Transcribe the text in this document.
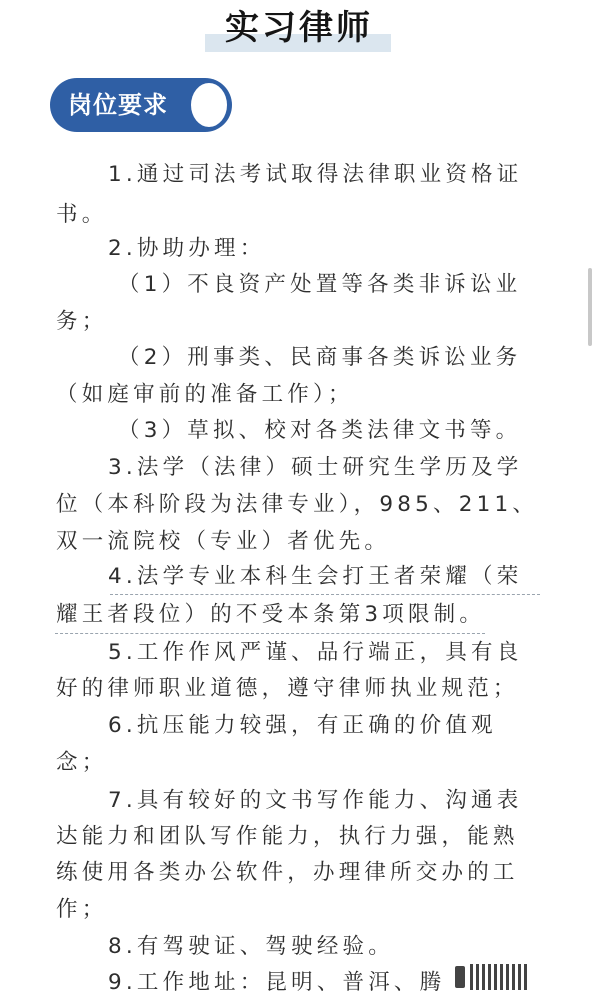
实习律师
岗位要求
1.通过司法考试取得法律职业资格证
书。
2.协助办理：
（1）不良资产处置等各类非诉讼业
务；
（2）刑事类、民商事各类诉讼业务
（如庭审前的准备工作）；
（3）草拟、校对各类法律文书等。
3.法学（法律）硕士研究生学历及学
位（本科阶段为法律专业），985、211、
双一流院校（专业）者优先。
4.法学专业本科生会打王者荣耀（荣
耀王者段位）的不受本条第3项限制。
5.工作作风严谨、品行端正，具有良
好的律师职业道德，遵守律师执业规范；
6.抗压能力较强，有正确的价值观
念；
7.具有较好的文书写作能力、沟通表
达能力和团队写作能力，执行力强，能熟
练使用各类办公软件，办理律所交办的工
作；
8.有驾驶证、驾驶经验。
9.工作地址：昆明、普洱、腾
